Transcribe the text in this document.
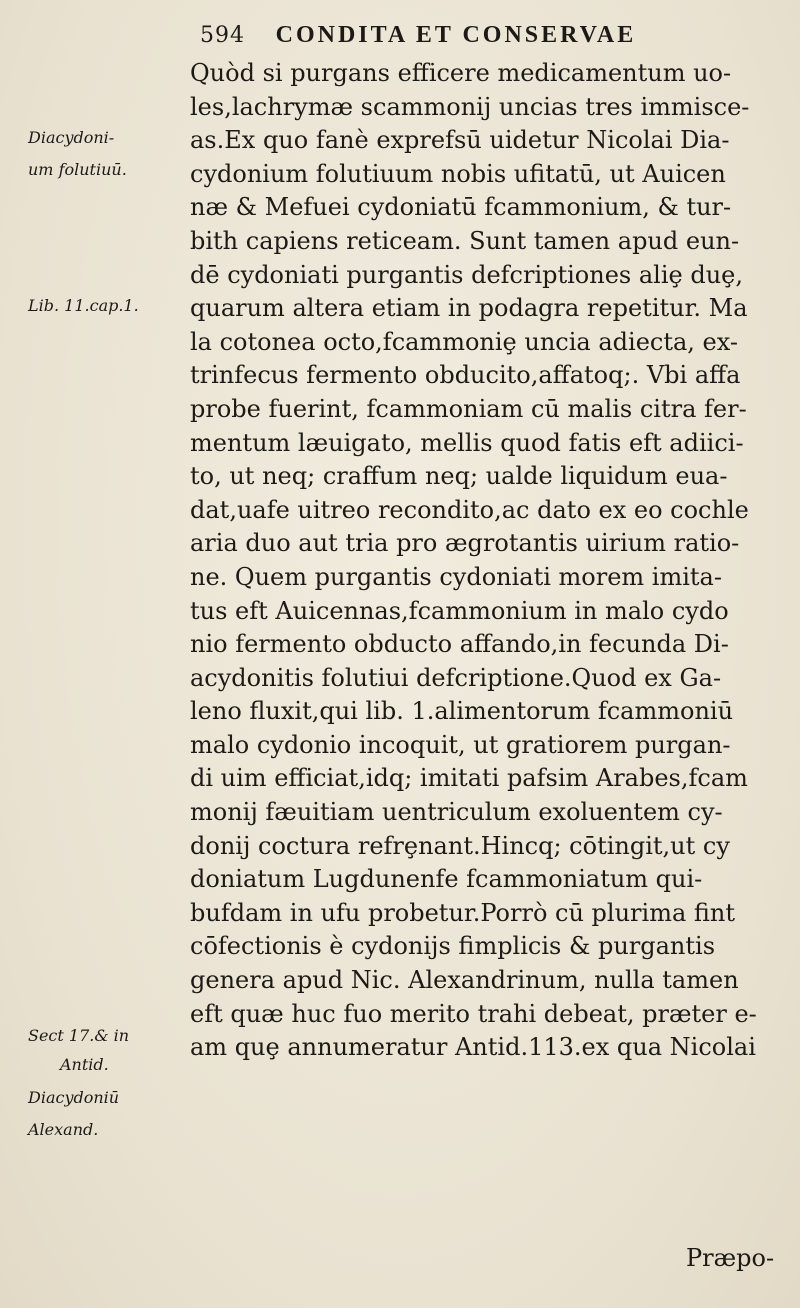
594 CONDITA ET CONSERVAE
Quòd si purgans efficere medicamentum uo-
les,lachrymæ scammonij uncias tres immisce-
as.Ex quo fanè exprefsū uidetur Nicolai Dia-
cydonium folutiuum nobis ufitatū, ut Auicen
næ & Mefuei cydoniatū fcammonium, & tur-
bith capiens reticeam. Sunt tamen apud eun-
dē cydoniati purgantis defcriptiones aliȩ duȩ,
quarum altera etiam in podagra repetitur. Ma
la cotonea octo,fcammoniȩ uncia adiecta, ex-
trinfecus fermento obducito,affatoq;. Vbi affa
probe fuerint, fcammoniam cū malis citra fer-
mentum læuigato, mellis quod fatis eft adiici-
to, ut neq; craffum neq; ualde liquidum eua-
dat,uafe uitreo recondito,ac dato ex eo cochle
aria duo aut tria pro ægrotantis uirium ratio-
ne. Quem purgantis cydoniati morem imita-
tus eft Auicennas,fcammonium in malo cydo
nio fermento obducto affando,in fecunda Di-
acydonitis folutiui defcriptione.Quod ex Ga-
leno fluxit,qui lib. 1.alimentorum fcammoniū
malo cydonio incoquit, ut gratiorem purgan-
di uim efficiat,idq; imitati pafsim Arabes,fcam
monij fæuitiam uentriculum exoluentem cy-
donij coctura refrȩnant.Hincq; cōtingit,ut cy
doniatum Lugdunenfe fcammoniatum qui-
bufdam in ufu probetur.Porrò cū plurima fint
cōfectionis è cydonijs fimplicis & purgantis
genera apud Nic. Alexandrinum, nulla tamen
eft quæ huc fuo merito trahi debeat, præter e-
am quȩ annumeratur Antid.113.ex qua Nicolai
Præpo-
Diacydoni-
um folutiuū.
Lib. 11.cap.1.
Sect 17.& in
Antid.
Diacydoniū
Alexand.
